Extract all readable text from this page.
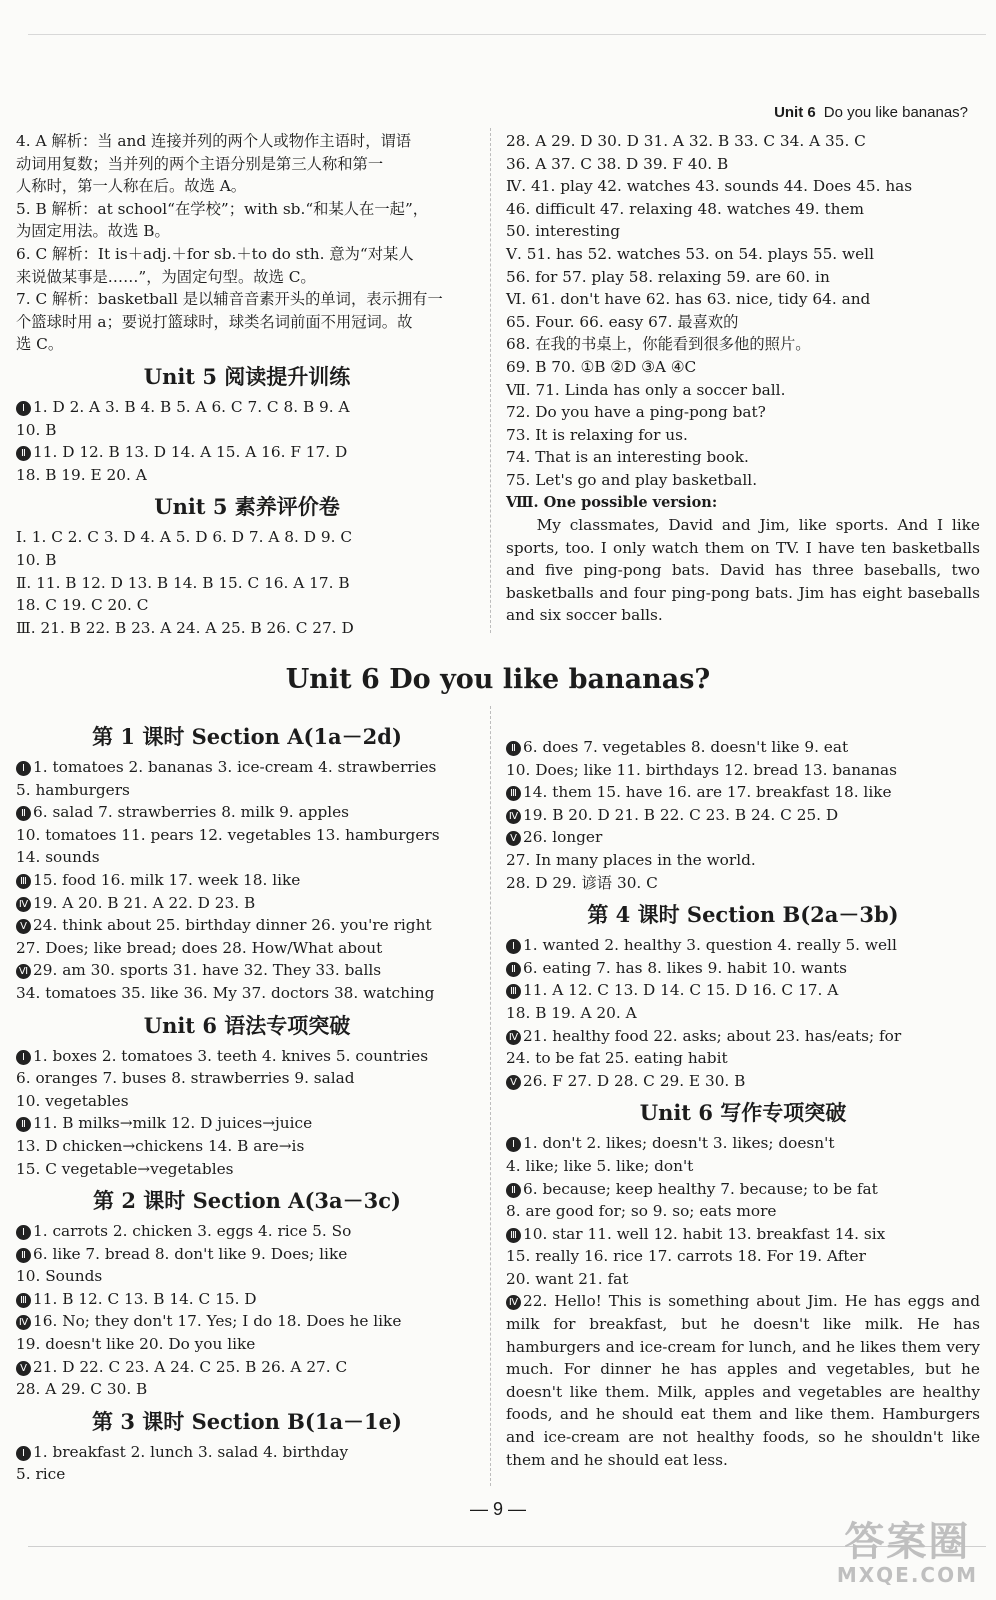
Unit 6 Do you like bananas?
4. A 解析：当 and 连接并列的两个人或物作主语时，谓语
动词用复数；当并列的两个主语分别是第三人称和第一
人称时，第一人称在后。故选 A。
5. B 解析：at school“在学校”；with sb.“和某人在一起”，
为固定用法。故选 B。
6. C 解析：It is＋adj.＋for sb.＋to do sth. 意为“对某人
来说做某事是……”，为固定句型。故选 C。
7. C 解析：basketball 是以辅音音素开头的单词，表示拥有一
个篮球时用 a；要说打篮球时，球类名词前面不用冠词。故
选 C。
Unit 5 阅读提升训练
Ⅰ 1. D 2. A 3. B 4. B 5. A 6. C 7. C 8. B 9. A
10. B
Ⅱ 11. D 12. B 13. D 14. A 15. A 16. F 17. D
18. B 19. E 20. A
Unit 5 素养评价卷
Ⅰ. 1. C 2. C 3. D 4. A 5. D 6. D 7. A 8. D 9. C
10. B
Ⅱ. 11. B 12. D 13. B 14. B 15. C 16. A 17. B
18. C 19. C 20. C
Ⅲ. 21. B 22. B 23. A 24. A 25. B 26. C 27. D
28. A 29. D 30. D 31. A 32. B 33. C 34. A 35. C
36. A 37. C 38. D 39. F 40. B
Ⅳ. 41. play 42. watches 43. sounds 44. Does 45. has
46. difficult 47. relaxing 48. watches 49. them
50. interesting
Ⅴ. 51. has 52. watches 53. on 54. plays 55. well
56. for 57. play 58. relaxing 59. are 60. in
Ⅵ. 61. don't have 62. has 63. nice, tidy 64. and
65. Four. 66. easy 67. 最喜欢的
68. 在我的书桌上，你能看到很多他的照片。
69. B 70. ①B ②D ③A ④C
Ⅶ. 71. Linda has only a soccer ball.
72. Do you have a ping-pong bat?
73. It is relaxing for us.
74. That is an interesting book.
75. Let's go and play basketball.
Ⅷ. One possible version:
My classmates, David and Jim, like sports. And I like sports, too. I only watch them on TV. I have ten basketballs and five ping-pong bats. David has three baseballs, two basketballs and four ping-pong bats. Jim has eight baseballs and six soccer balls.
Unit 6 Do you like bananas?
第 1 课时 Section A(1a－2d)
Ⅰ 1. tomatoes 2. bananas 3. ice-cream 4. strawberries
5. hamburgers
Ⅱ 6. salad 7. strawberries 8. milk 9. apples
10. tomatoes 11. pears 12. vegetables 13. hamburgers
14. sounds
Ⅲ 15. food 16. milk 17. week 18. like
Ⅳ 19. A 20. B 21. A 22. D 23. B
Ⅴ 24. think about 25. birthday dinner 26. you're right
27. Does; like bread; does 28. How/What about
Ⅵ 29. am 30. sports 31. have 32. They 33. balls
34. tomatoes 35. like 36. My 37. doctors 38. watching
Unit 6 语法专项突破
Ⅰ 1. boxes 2. tomatoes 3. teeth 4. knives 5. countries
6. oranges 7. buses 8. strawberries 9. salad
10. vegetables
Ⅱ 11. B milks→milk 12. D juices→juice
13. D chicken→chickens 14. B are→is
15. C vegetable→vegetables
第 2 课时 Section A(3a－3c)
Ⅰ 1. carrots 2. chicken 3. eggs 4. rice 5. So
Ⅱ 6. like 7. bread 8. don't like 9. Does; like
10. Sounds
Ⅲ 11. B 12. C 13. B 14. C 15. D
Ⅳ 16. No; they don't 17. Yes; I do 18. Does he like
19. doesn't like 20. Do you like
Ⅴ 21. D 22. C 23. A 24. C 25. B 26. A 27. C
28. A 29. C 30. B
第 3 课时 Section B(1a－1e)
Ⅰ 1. breakfast 2. lunch 3. salad 4. birthday
5. rice
Ⅱ 6. does 7. vegetables 8. doesn't like 9. eat
10. Does; like 11. birthdays 12. bread 13. bananas
Ⅲ 14. them 15. have 16. are 17. breakfast 18. like
Ⅳ 19. B 20. D 21. B 22. C 23. B 24. C 25. D
Ⅴ 26. longer
27. In many places in the world.
28. D 29. 谚语 30. C
第 4 课时 Section B(2a－3b)
Ⅰ 1. wanted 2. healthy 3. question 4. really 5. well
Ⅱ 6. eating 7. has 8. likes 9. habit 10. wants
Ⅲ 11. A 12. C 13. D 14. C 15. D 16. C 17. A
18. B 19. A 20. A
Ⅳ 21. healthy food 22. asks; about 23. has/eats; for
24. to be fat 25. eating habit
Ⅴ 26. F 27. D 28. C 29. E 30. B
Unit 6 写作专项突破
Ⅰ 1. don't 2. likes; doesn't 3. likes; doesn't
4. like; like 5. like; don't
Ⅱ 6. because; keep healthy 7. because; to be fat
8. are good for; so 9. so; eats more
Ⅲ 10. star 11. well 12. habit 13. breakfast 14. six
15. really 16. rice 17. carrots 18. For 19. After
20. want 21. fat
Ⅳ 22. Hello! This is something about Jim. He has eggs and milk for breakfast, but he doesn't like milk. He has hamburgers and ice-cream for lunch, and he likes them very much. For dinner he has apples and vegetables, but he doesn't like them. Milk, apples and vegetables are healthy foods, and he should eat them and like them. Hamburgers and ice-cream are not healthy foods, so he shouldn't like them and he should eat less.
— 9 —
答案圈
MXQE.COM
